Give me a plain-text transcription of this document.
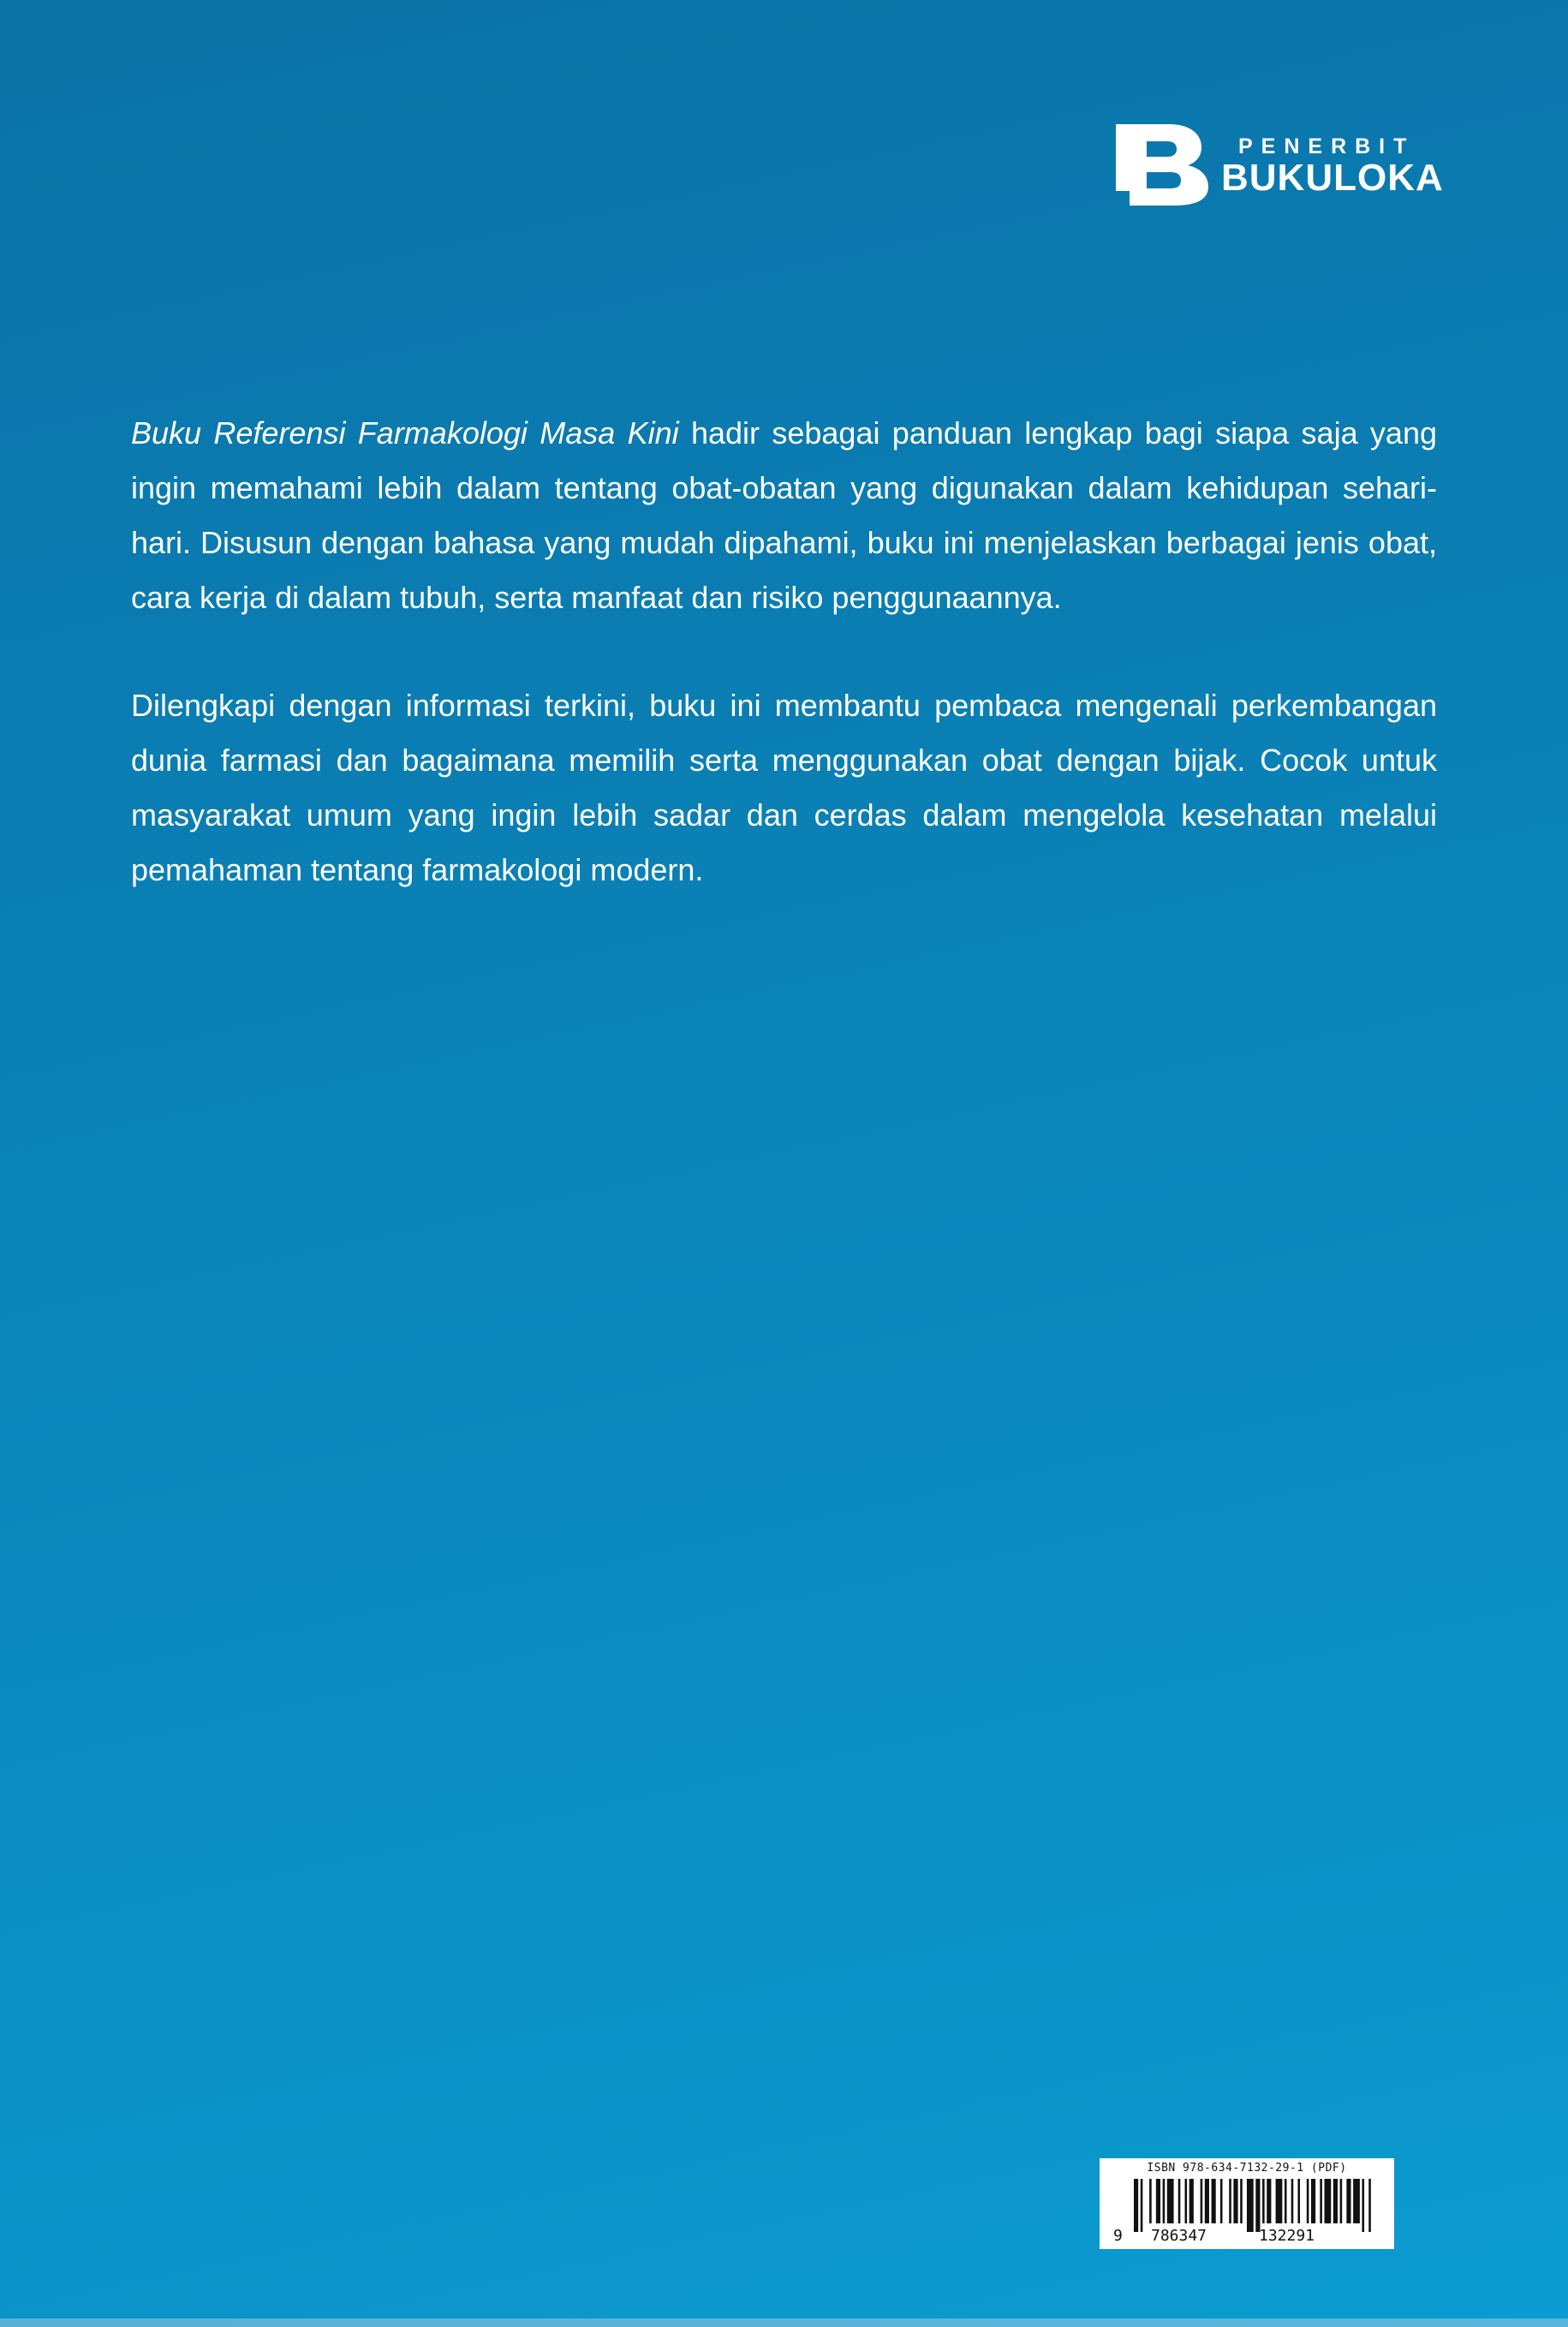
PENERBIT
BUKULOKA

Buku Referensi Farmakologi Masa Kini hadir sebagai panduan lengkap bagi siapa saja yang ingin memahami lebih dalam tentang obat-obatan yang digunakan dalam kehidupan sehari-hari. Disusun dengan bahasa yang mudah dipahami, buku ini menjelaskan berbagai jenis obat, cara kerja di dalam tubuh, serta manfaat dan risiko penggunaannya.

Dilengkapi dengan informasi terkini, buku ini membantu pembaca mengenali perkembangan dunia farmasi dan bagaimana memilih serta menggunakan obat dengan bijak. Cocok untuk masyarakat umum yang ingin lebih sadar dan cerdas dalam mengelola kesehatan melalui pemahaman tentang farmakologi modern.

ISBN 978-634-7132-29-1 (PDF)
9 786347	132291
